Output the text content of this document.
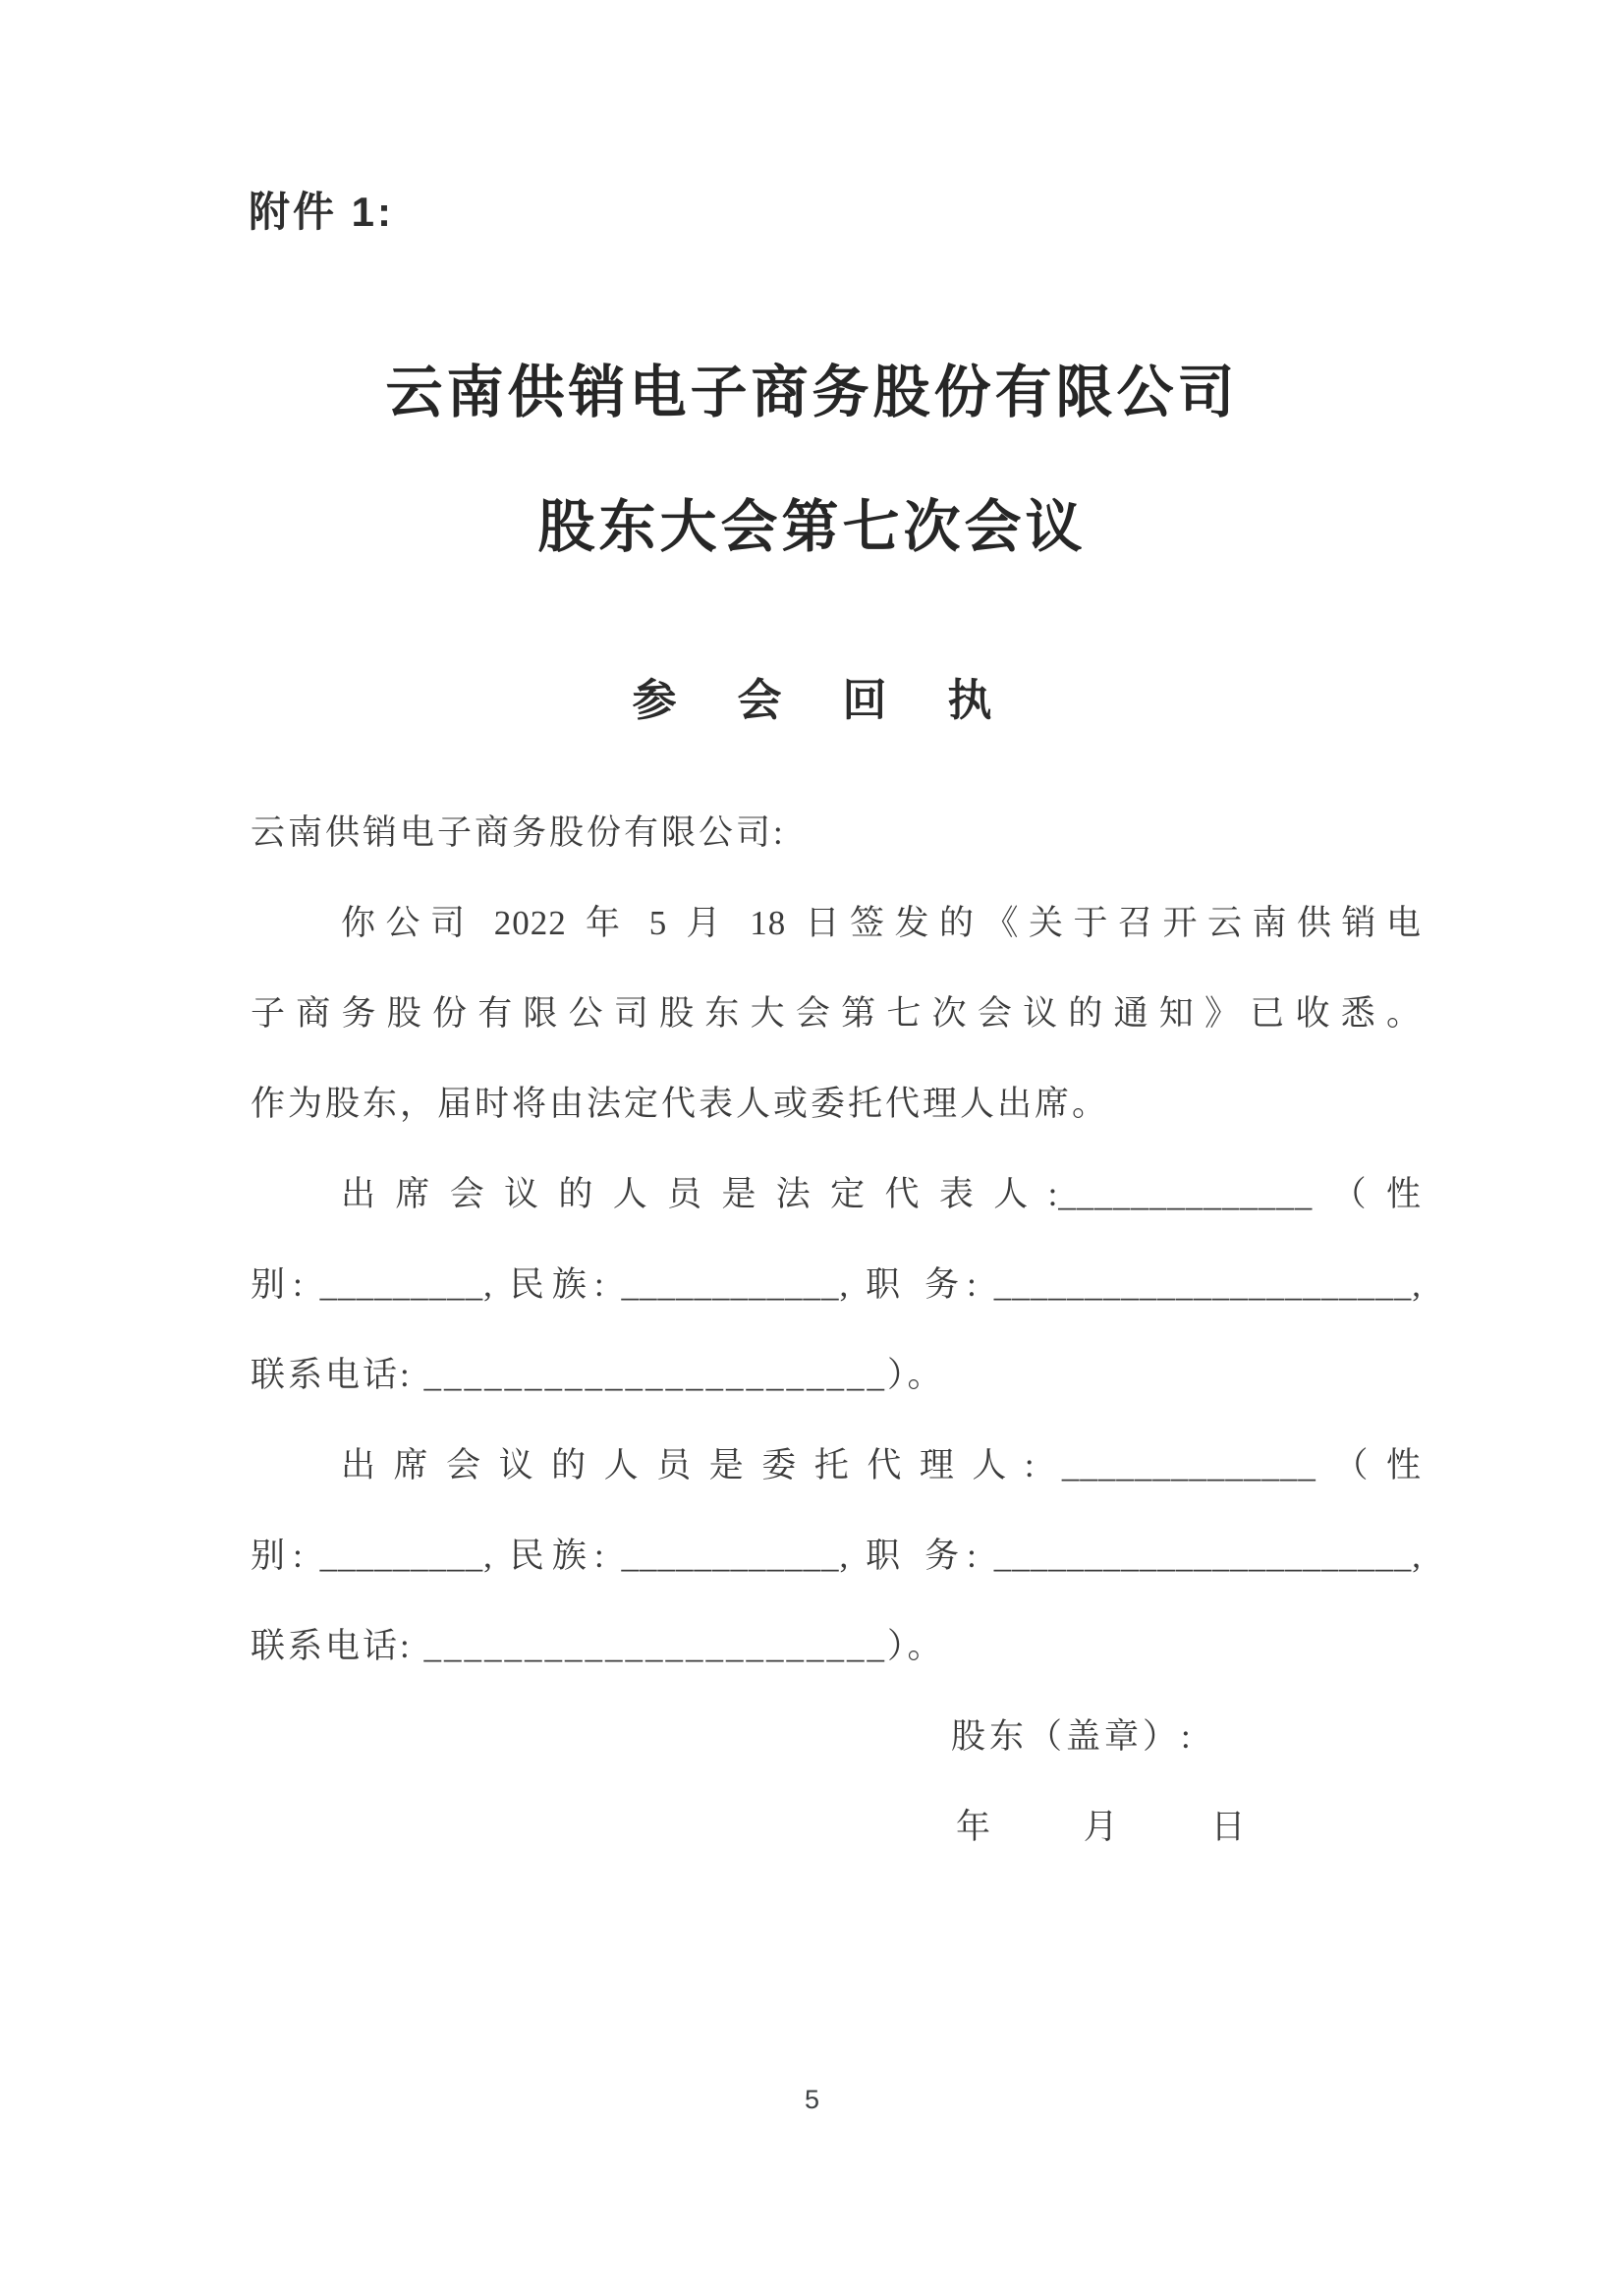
附件 1:
云南供销电子商务股份有限公司
股东大会第七次会议
参会回执
云南供销电子商务股份有限公司:
你公司 2022 年 5 月 18 日签发的《关于召开云南供销电
子商务股份有限公司股东大会第七次会议的通知》已收悉。
作为股东，届时将由法定代表人或委托代理人出席。
出席会议的人员是法定代表人:______________（性
别: _________, 民族: ____________, 职 务: _______________________,
联系电话: _______________________）。
出席会议的人员是委托代理人: ______________（性
别: _________, 民族: ____________, 职 务: _______________________,
联系电话: _______________________）。
股东（盖章）:
年 月 日
5
